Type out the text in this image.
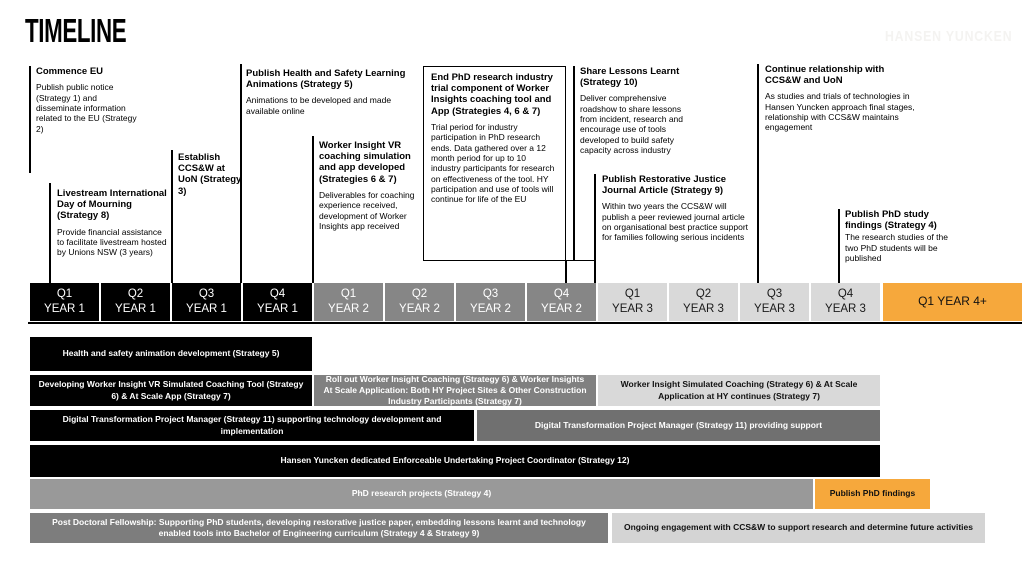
TIMELINE	HANSEN YUNCKEN
Commence EU
Publish public notice (Strategy 1) and disseminate information related to the EU (Strategy 2)
Livestream International Day of Mourning (Strategy 8)
Provide financial assistance to facilitate livestream hosted by Unions NSW (3 years)
Establish CCS&W at UoN (Strategy 3)
Publish Health and Safety Learning Animations (Strategy 5)
Animations to be developed and made available online
Worker Insight VR coaching simulation and app developed (Strategies 6 & 7)
Deliverables for coaching experience received, development of Worker Insights app received
End PhD research industry trial component of Worker Insights coaching tool and App (Strategies 4, 6 & 7)
Trial period for industry participation in PhD research ends. Data gathered over a 12 month period for up to 10 industry participants for research on effectiveness of the tool. HY participation and use of tools will continue for life of the EU
Share Lessons Learnt (Strategy 10)
Deliver comprehensive roadshow to share lessons from incident, research and encourage use of tools developed to build safety capacity across industry
Publish Restorative Justice Journal Article (Strategy 9)
Within two years the CCS&W will publish a peer reviewed journal article on organisational best practice support for families following serious incidents
Continue relationship with CCS&W and UoN
As studies and trials of technologies in Hansen Yuncken approach final stages, relationship with CCS&W maintains engagement
Publish PhD study findings (Strategy 4)
The research studies of the two PhD students will be published
Q1
YEAR 1
Q2
YEAR 1
Q3
YEAR 1
Q4
YEAR 1
Q1
YEAR 2
Q2
YEAR 2
Q3
YEAR 2
Q4
YEAR 2
Q1
YEAR 3
Q2
YEAR 3
Q3
YEAR 3
Q4
YEAR 3
Q1 YEAR 4+
Health and safety animation development (Strategy 5)
Developing Worker Insight VR Simulated Coaching Tool (Strategy 6) & At Scale App (Strategy 7)
Roll out Worker Insight Coaching (Strategy 6) & Worker Insights At Scale Application: Both HY Project Sites & Other Construction Industry Participants (Strategy 7)
Worker Insight Simulated Coaching (Strategy 6) & At Scale Application at HY continues (Strategy 7)
Digital Transformation Project Manager (Strategy 11) supporting technology development and implementation
Digital Transformation Project Manager (Strategy 11) providing support
Hansen Yuncken dedicated Enforceable Undertaking Project Coordinator (Strategy 12)
PhD research projects (Strategy 4)	Publish PhD findings
Post Doctoral Fellowship: Supporting PhD students, developing restorative justice paper, embedding lessons learnt and technology enabled tools into Bachelor of Engineering curriculum (Strategy 4 & Strategy 9)
Ongoing engagement with CCS&W to support research and determine future activities
